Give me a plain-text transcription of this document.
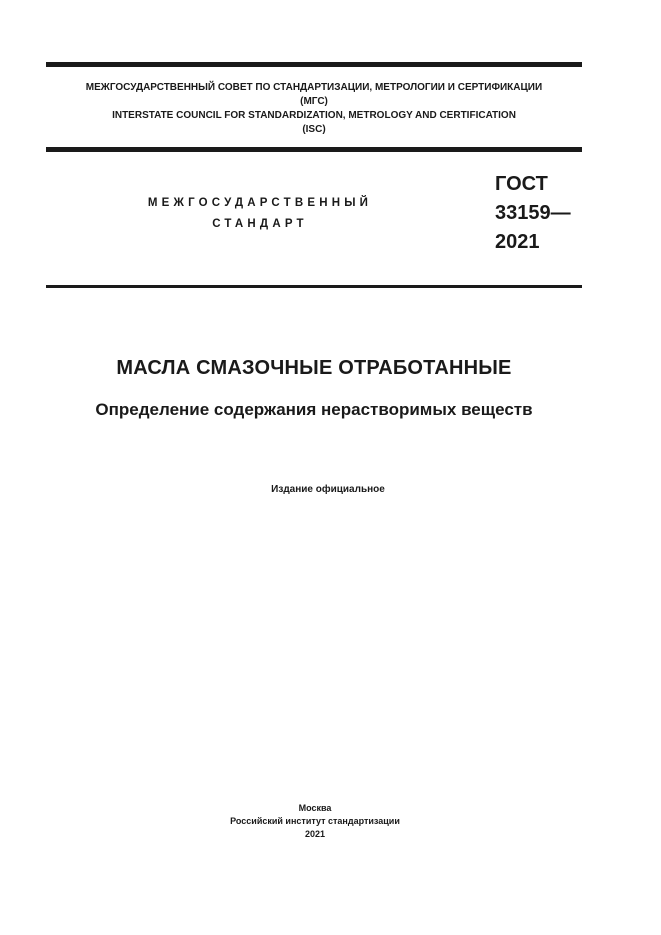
МЕЖГОСУДАРСТВЕННЫЙ СОВЕТ ПО СТАНДАРТИЗАЦИИ, МЕТРОЛОГИИ И СЕРТИФИКАЦИИ
(МГС)
INTERSTATE COUNCIL FOR STANDARDIZATION, METROLOGY AND CERTIFICATION
(ISC)
МЕЖГОСУДАРСТВЕННЫЙ
СТАНДАРТ
ГОСТ
33159—
2021
МАСЛА СМАЗОЧНЫЕ ОТРАБОТАННЫЕ
Определение содержания нерастворимых веществ
Издание официальное
Москва
Российский институт стандартизации
2021
